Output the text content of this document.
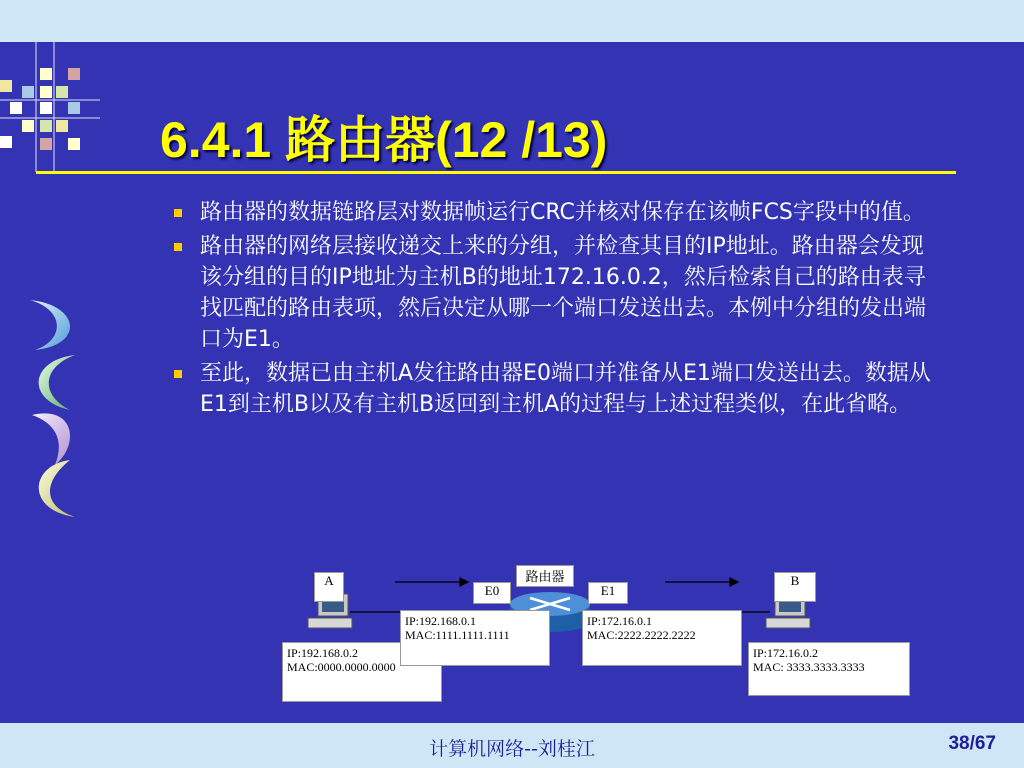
6.4.1 路由器(12 /13)
路由器的数据链路层对数据帧运行CRC并核对保存在该帧FCS字段中的值。
路由器的网络层接收递交上来的分组，并检查其目的IP地址。路由器会发现该分组的目的IP地址为主机B的地址172.16.0.2，然后检索自己的路由表寻找匹配的路由表项，然后决定从哪一个端口发送出去。本例中分组的发出端口为E1。
至此，数据已由主机A发往路由器E0端口并准备从E1端口发送出去。数据从E1到主机B以及有主机B返回到主机A的过程与上述过程类似，在此省略。
A	路由器
E0	E1
B
IP:192.168.0.2
MAC:0000.0000.0000
IP:192.168.0.1
MAC:1111.1111.1111
IP:172.16.0.1
MAC:2222.2222.2222
IP:172.16.0.2
MAC: 3333.3333.3333
计算机网络--刘桂江	38/67
